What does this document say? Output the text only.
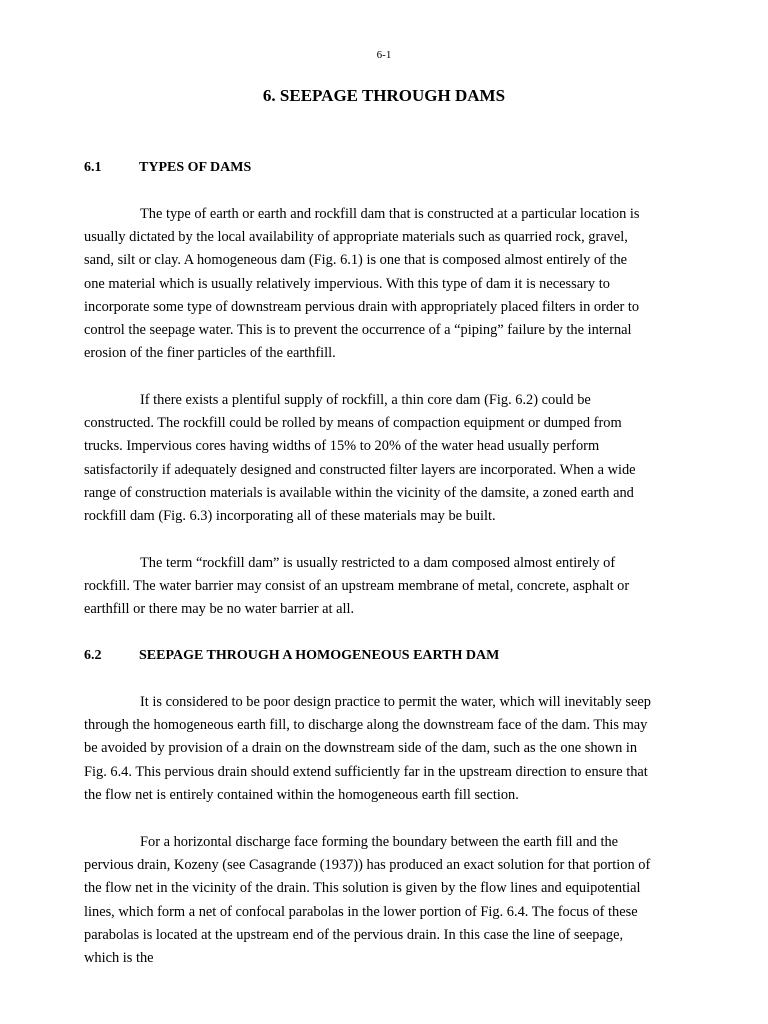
6-1
6. SEEPAGE THROUGH DAMS
6.1	TYPES OF DAMS
The type of earth or earth and rockfill dam that is constructed at a particular location is
usually dictated by the local availability of appropriate materials such as quarried rock, gravel,
sand, silt or clay. A homogeneous dam (Fig. 6.1) is one that is composed almost entirely of the
one material which is usually relatively impervious. With this type of dam it is necessary to
incorporate some type of downstream pervious drain with appropriately placed filters in order to
control the seepage water. This is to prevent the occurrence of a “piping” failure by the internal
erosion of the finer particles of the earthfill.
If there exists a plentiful supply of rockfill, a thin core dam (Fig. 6.2) could be
constructed. The rockfill could be rolled by means of compaction equipment or dumped from
trucks. Impervious cores having widths of 15% to 20% of the water head usually perform
satisfactorily if adequately designed and constructed filter layers are incorporated. When a wide
range of construction materials is available within the vicinity of the damsite, a zoned earth and
rockfill dam (Fig. 6.3) incorporating all of these materials may be built.
The term “rockfill dam” is usually restricted to a dam composed almost entirely of
rockfill. The water barrier may consist of an upstream membrane of metal, concrete, asphalt or
earthfill or there may be no water barrier at all.
6.2	SEEPAGE THROUGH A HOMOGENEOUS EARTH DAM
It is considered to be poor design practice to permit the water, which will inevitably seep
through the homogeneous earth fill, to discharge along the downstream face of the dam. This may
be avoided by provision of a drain on the downstream side of the dam, such as the one shown in
Fig. 6.4. This pervious drain should extend sufficiently far in the upstream direction to ensure that
the flow net is entirely contained within the homogeneous earth fill section.
For a horizontal discharge face forming the boundary between the earth fill and the
pervious drain, Kozeny (see Casagrande (1937)) has produced an exact solution for that portion of
the flow net in the vicinity of the drain. This solution is given by the flow lines and equipotential
lines, which form a net of confocal parabolas in the lower portion of Fig. 6.4. The focus of these
parabolas is located at the upstream end of the pervious drain. In this case the line of seepage,
which is the
